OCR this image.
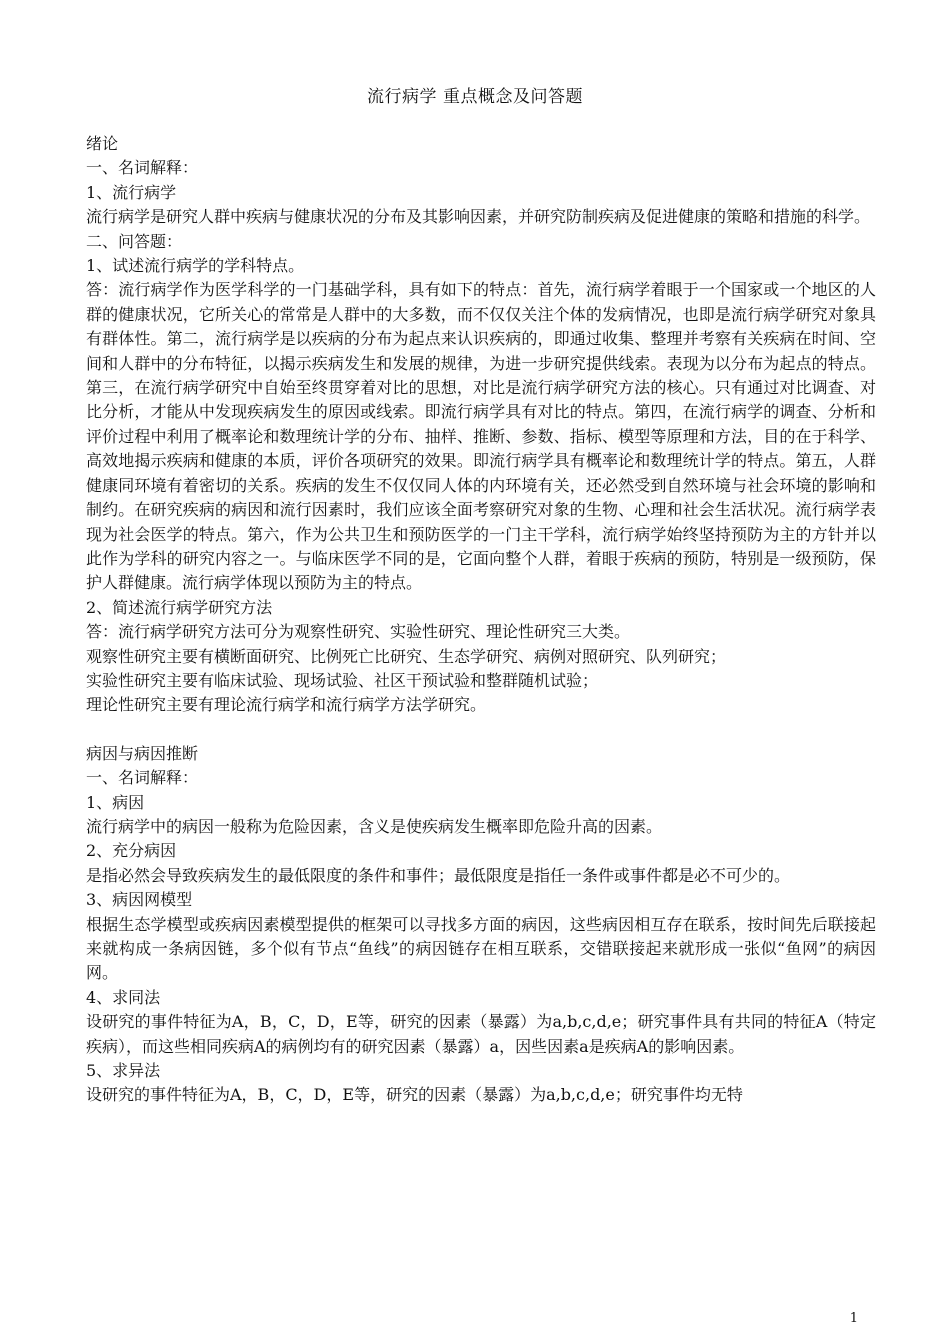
流行病学 重点概念及问答题

绪论

一、名词解释：

1、流行病学

流行病学是研究人群中疾病与健康状况的分布及其影响因素，并研究防制疾病及促进健康的策略和措施的科学。

二、问答题：

1、试述流行病学的学科特点。

答：流行病学作为医学科学的一门基础学科，具有如下的特点：首先，流行病学着眼于一个国家或一个地区的人群的健康状况，它所关心的常常是人群中的大多数，而不仅仅关注个体的发病情况，也即是流行病学研究对象具有群体性。第二，流行病学是以疾病的分布为起点来认识疾病的，即通过收集、整理并考察有关疾病在时间、空间和人群中的分布特征，以揭示疾病发生和发展的规律，为进一步研究提供线索。表现为以分布为起点的特点。第三，在流行病学研究中自始至终贯穿着对比的思想，对比是流行病学研究方法的核心。只有通过对比调查、对比分析，才能从中发现疾病发生的原因或线索。即流行病学具有对比的特点。第四，在流行病学的调查、分析和评价过程中利用了概率论和数理统计学的分布、抽样、推断、参数、指标、模型等原理和方法，目的在于科学、高效地揭示疾病和健康的本质，评价各项研究的效果。即流行病学具有概率论和数理统计学的特点。第五，人群健康同环境有着密切的关系。疾病的发生不仅仅同人体的内环境有关，还必然受到自然环境与社会环境的影响和制约。在研究疾病的病因和流行因素时，我们应该全面考察研究对象的生物、心理和社会生活状况。流行病学表现为社会医学的特点。第六，作为公共卫生和预防医学的一门主干学科，流行病学始终坚持预防为主的方针并以此作为学科的研究内容之一。与临床医学不同的是，它面向整个人群，着眼于疾病的预防，特别是一级预防，保护人群健康。流行病学体现以预防为主的特点。

2、简述流行病学研究方法

答：流行病学研究方法可分为观察性研究、实验性研究、理论性研究三大类。

观察性研究主要有横断面研究、比例死亡比研究、生态学研究、病例对照研究、队列研究；

实验性研究主要有临床试验、现场试验、社区干预试验和整群随机试验；

理论性研究主要有理论流行病学和流行病学方法学研究。

病因与病因推断

一、名词解释：

1、病因

流行病学中的病因一般称为危险因素，含义是使疾病发生概率即危险升高的因素。

2、充分病因

是指必然会导致疾病发生的最低限度的条件和事件；最低限度是指任一条件或事件都是必不可少的。

3、病因网模型

根据生态学模型或疾病因素模型提供的框架可以寻找多方面的病因，这些病因相互存在联系，按时间先后联接起来就构成一条病因链，多个似有节点“鱼线”的病因链存在相互联系，交错联接起来就形成一张似“鱼网”的病因网。

4、求同法

设研究的事件特征为A，B，C，D，E等，研究的因素（暴露）为a,b,c,d,e；研究事件具有共同的特征A（特定疾病），而这些相同疾病A的病例均有的研究因素（暴露）a，因些因素a是疾病A的影响因素。

5、求异法

设研究的事件特征为A，B，C，D，E等，研究的因素（暴露）为a,b,c,d,e；研究事件均无特

1
